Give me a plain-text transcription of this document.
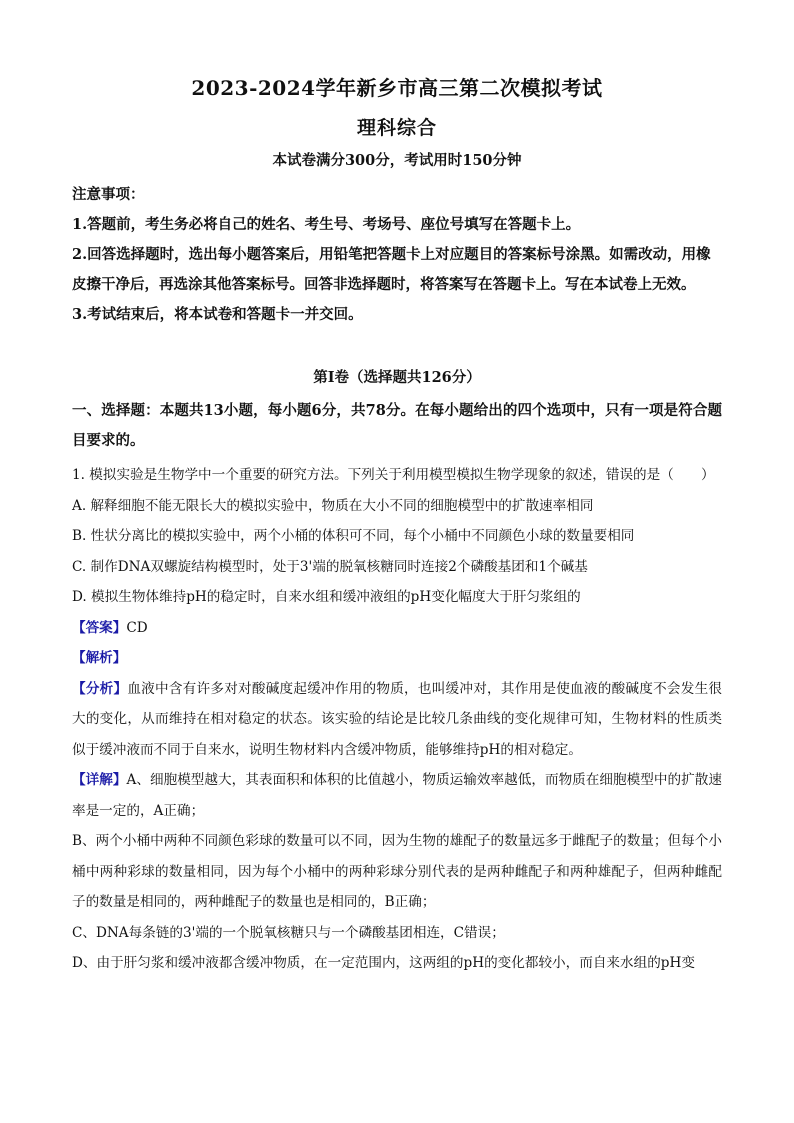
2023-2024学年新乡市高三第二次模拟考试
理科综合
本试卷满分300分，考试用时150分钟

注意事项：

1.答题前，考生务必将自己的姓名、考生号、考场号、座位号填写在答题卡上。

2.回答选择题时，选出每小题答案后，用铅笔把答题卡上对应题目的答案标号涂黑。如需改动，用橡皮擦干净后，再选涂其他答案标号。回答非选择题时，将答案写在答题卡上。写在本试卷上无效。

3.考试结束后，将本试卷和答题卡一并交回。

第Ⅰ卷（选择题共126分）
一、选择题：本题共13小题，每小题6分，共78分。在每小题给出的四个选项中，只有一项是符合题目要求的。

1. 模拟实验是生物学中一个重要的研究方法。下列关于利用模型模拟生物学现象的叙述，错误的是（　　）

A. 解释细胞不能无限长大的模拟实验中，物质在大小不同的细胞模型中的扩散速率相同

B. 性状分离比的模拟实验中，两个小桶的体积可不同，每个小桶中不同颜色小球的数量要相同

C. 制作DNA双螺旋结构模型时，处于3'端的脱氧核糖同时连接2个磷酸基团和1个碱基

D. 模拟生物体维持pH的稳定时，自来水组和缓冲液组的pH变化幅度大于肝匀浆组的

【答案】CD

【解析】

【分析】血液中含有许多对对酸碱度起缓冲作用的物质，也叫缓冲对，其作用是使血液的酸碱度不会发生很大的变化，从而维持在相对稳定的状态。该实验的结论是比较几条曲线的变化规律可知，生物材料的性质类似于缓冲液而不同于自来水，说明生物材料内含缓冲物质，能够维持pH的相对稳定。

【详解】A、细胞模型越大，其表面积和体积的比值越小，物质运输效率越低，而物质在细胞模型中的扩散速率是一定的，A正确；

B、两个小桶中两种不同颜色彩球的数量可以不同，因为生物的雄配子的数量远多于雌配子的数量；但每个小桶中两种彩球的数量相同，因为每个小桶中的两种彩球分别代表的是两种雌配子和两种雄配子，但两种雌配子的数量是相同的，两种雌配子的数量也是相同的，B正确；

C、DNA每条链的3'端的一个脱氧核糖只与一个磷酸基团相连，C错误；

D、由于肝匀浆和缓冲液都含缓冲物质，在一定范围内，这两组的pH的变化都较小，而自来水组的pH变
